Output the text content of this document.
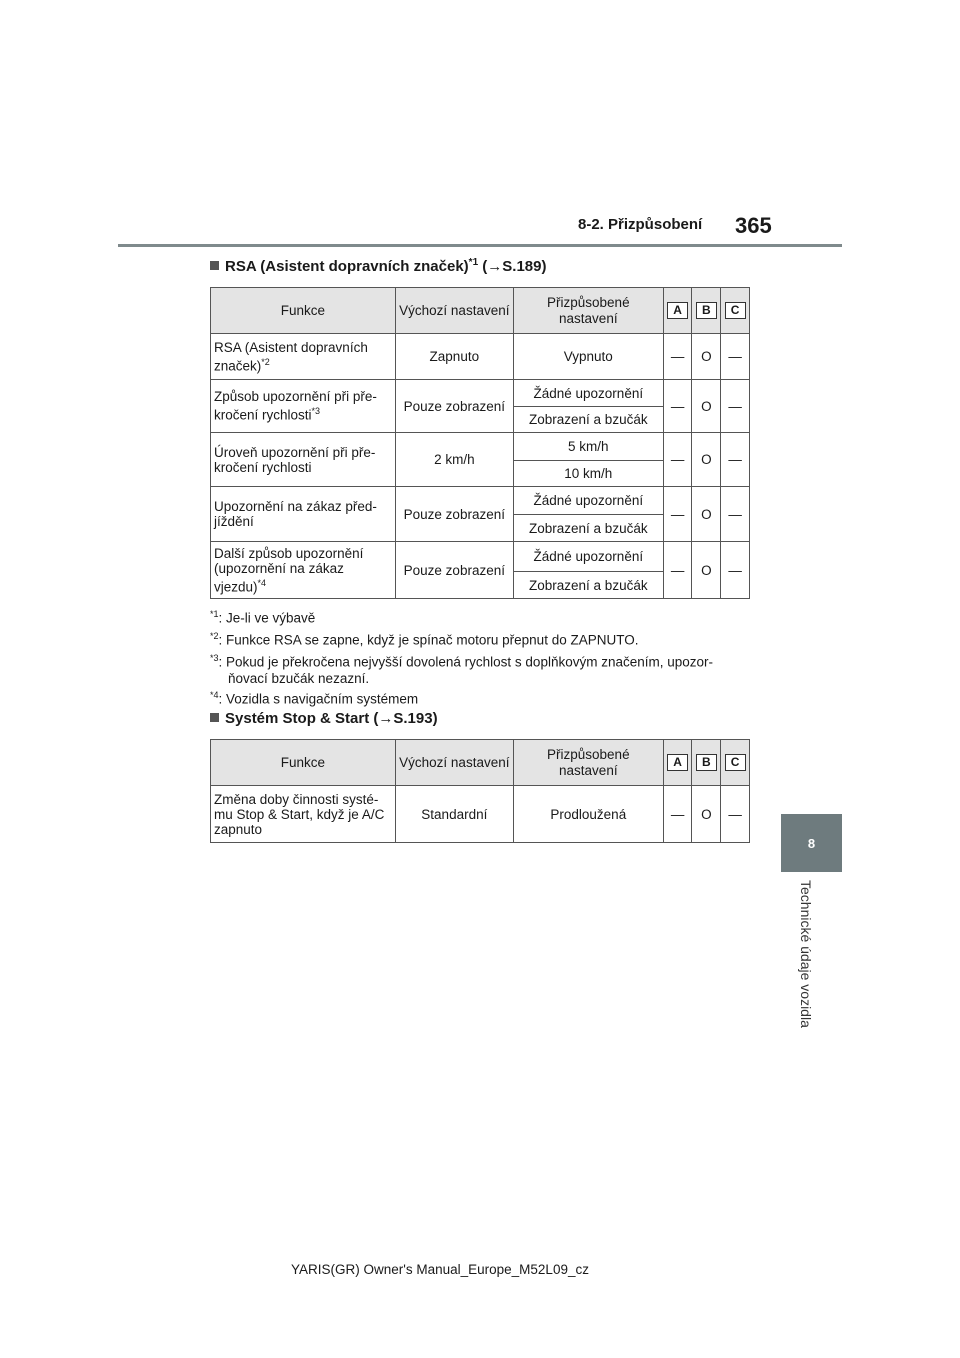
8-2. Přizpůsobení 365
8
Technické údaje vozidla
RSA (Asistent dopravních značek)$^{*1}$ (→S.189)
Funkce	Výchozí nastavení	Přizpůsobené nastavení	A	B	C
RSA (Asistent dopravních značek)$^{*2}$	Zapnuto	Vypnuto	—	O	—
Způsob upozornění při překročení rychlosti$^{*3}$	Pouze zobrazení	Žádné upozornění	—	O	—
		Zobrazení a bzučák			
Úroveň upozornění při překročení rychlosti	2 km/h	5 km/h	—	O	—
		10 km/h			
Upozornění na zákaz předjíždění	Pouze zobrazení	Žádné upozornění	—	O	—
		Zobrazení a bzučák			
Další způsob upozornění (upozornění na zákaz vjezdu)$^{*4}$	Pouze zobrazení	Žádné upozornění	—	O	—
		Zobrazení a bzučák			
$^{*1}$: Je-li ve výbavě
$^{*2}$: Funkce RSA se zapne, když je spínač motoru přepnut do ZAPNUTO.
$^{*3}$: Pokud je překročena nejvyšší dovolená rychlost s doplňkovým značením, upozor-
ňovací bzučák nezazní.
$^{*4}$: Vozidla s navigačním systémem
Systém Stop & Start (→S.193)
Funkce	Výchozí nastavení	Přizpůsobené nastavení	A	B	C
Změna doby činnosti systému Stop & Start, když je A/C zapnuto	Standardní	Prodloužená	—	O	—
YARIS(GR) Owner's Manual_Europe_M52L09_cz
